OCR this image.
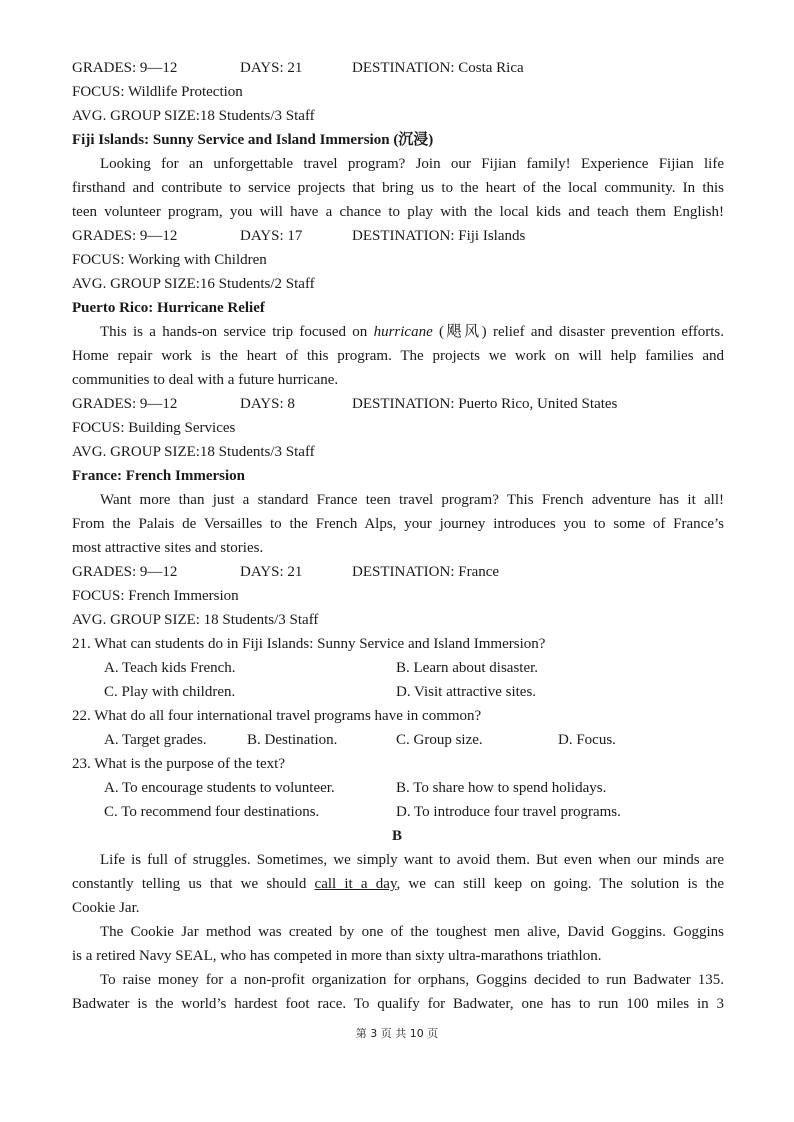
GRADES: 9—12	DAYS: 21	DESTINATION: Costa Rica
FOCUS: Wildlife Protection
AVG. GROUP SIZE:18 Students/3 Staff
Fiji Islands: Sunny Service and Island Immersion (沉浸)
Looking for an unforgettable travel program? Join our Fijian family! Experience Fijian life
firsthand and contribute to service projects that bring us to the heart of the local community. In this
teen volunteer program, you will have a chance to play with the local kids and teach them English!
GRADES: 9—12	DAYS: 17	DESTINATION: Fiji Islands
FOCUS: Working with Children
AVG. GROUP SIZE:16 Students/2 Staff
Puerto Rico: Hurricane Relief
This is a hands-on service trip focused on hurricane (飓风) relief and disaster prevention efforts.
Home repair work is the heart of this program. The projects we work on will help families and
communities to deal with a future hurricane.
GRADES: 9—12	DAYS: 8	DESTINATION: Puerto Rico, United States
FOCUS: Building Services
AVG. GROUP SIZE:18 Students/3 Staff
France: French Immersion
Want more than just a standard France teen travel program? This French adventure has it all!
From the Palais de Versailles to the French Alps, your journey introduces you to some of France’s
most attractive sites and stories.
GRADES: 9—12	DAYS: 21	DESTINATION: France
FOCUS: French Immersion
AVG. GROUP SIZE: 18 Students/3 Staff
21. What can students do in Fiji Islands: Sunny Service and Island Immersion?
A. Teach kids French.	B. Learn about disaster.
C. Play with children.	D. Visit attractive sites.
22. What do all four international travel programs have in common?
A. Target grades.	B. Destination.	C. Group size.	D. Focus.
23. What is the purpose of the text?
A. To encourage students to volunteer.	B. To share how to spend holidays.
C. To recommend four destinations.	D. To introduce four travel programs.
B
Life is full of struggles. Sometimes, we simply want to avoid them. But even when our minds are
constantly telling us that we should call it a day, we can still keep on going. The solution is the
Cookie Jar.
The Cookie Jar method was created by one of the toughest men alive, David Goggins. Goggins
is a retired Navy SEAL, who has competed in more than sixty ultra-marathons triathlon.
To raise money for a non-profit organization for orphans, Goggins decided to run Badwater 135.
Badwater is the world’s hardest foot race. To qualify for Badwater, one has to run 100 miles in 3
第 3 页 共 10 页
